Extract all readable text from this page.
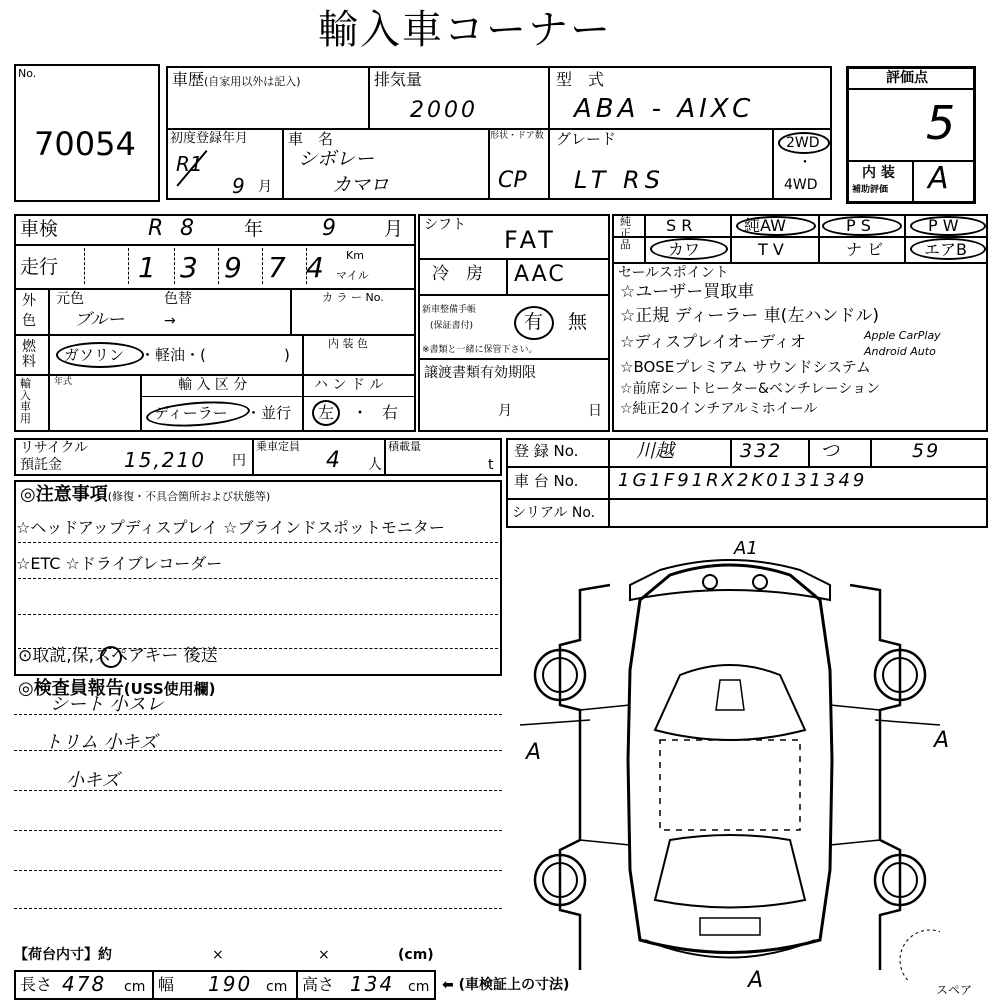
輸入車コーナー
No.
70054
車歴(自家用以外は記入)	排気量
2000
型　式
ABA - AIXC
初度登録年月
R1
9 月
車　名
シボレー
カマロ
形状・ドア数
CP
グレード
LT RS
2WD
・
4WD
評価点
5
内 装
補助評価 A
車検	R 8	年	9	月
走行	1 3 9 7 4 Km
マイル
外
色
元色	色替
ブルー	→
カ ラ ー No.
燃料 ガソリン ・軽油・(	)
内 装 色
輸入車用
年式	輸 入 区 分
ディーラー ・並行
ハ ン ド ル
左 ・ 右
シフト
FAT
冷　房 AAC
新車整備手帳
(保証書付)	有 無
※書類と一緒に保管下さい。
譲渡書類有効期限
月	日
純正品
S R	純AW	P S	P W
カワ	T V	ナ ビ	エアB
セールスポイント
☆ユーザー買取車
☆正規 ディーラー 車(左ハンドル)
☆ディスプレイオーディオ	Apple CarPlay
Android Auto
☆BOSEプレミアム サウンドシステム
☆前席シートヒーター&ベンチレーション
☆純正20インチアルミホイール
リサイクル
預託金	15,210 円
乗車定員
4 人
積載量
t
登 録 No.	川越	332 つ	59
車 台 No. 1G1F91RX2K0131349
シリアル No.
◎注意事項(修復・不具合箇所および状態等)
☆ヘッドアップディスプレイ ☆ブラインドスポットモニター
☆ETC ☆ドライブレコーダー
⊙取説,保,スペアキー 後送
◎検査員報告(USS使用欄)
シート 小スレ
トリム 小キズ
小キズ
【荷台内寸】約	×	×	(cm)
長さ 478 cm 幅 190 cm 高さ 134 cm ⬅ (車検証上の寸法)
A1
A	A
A	スペア
